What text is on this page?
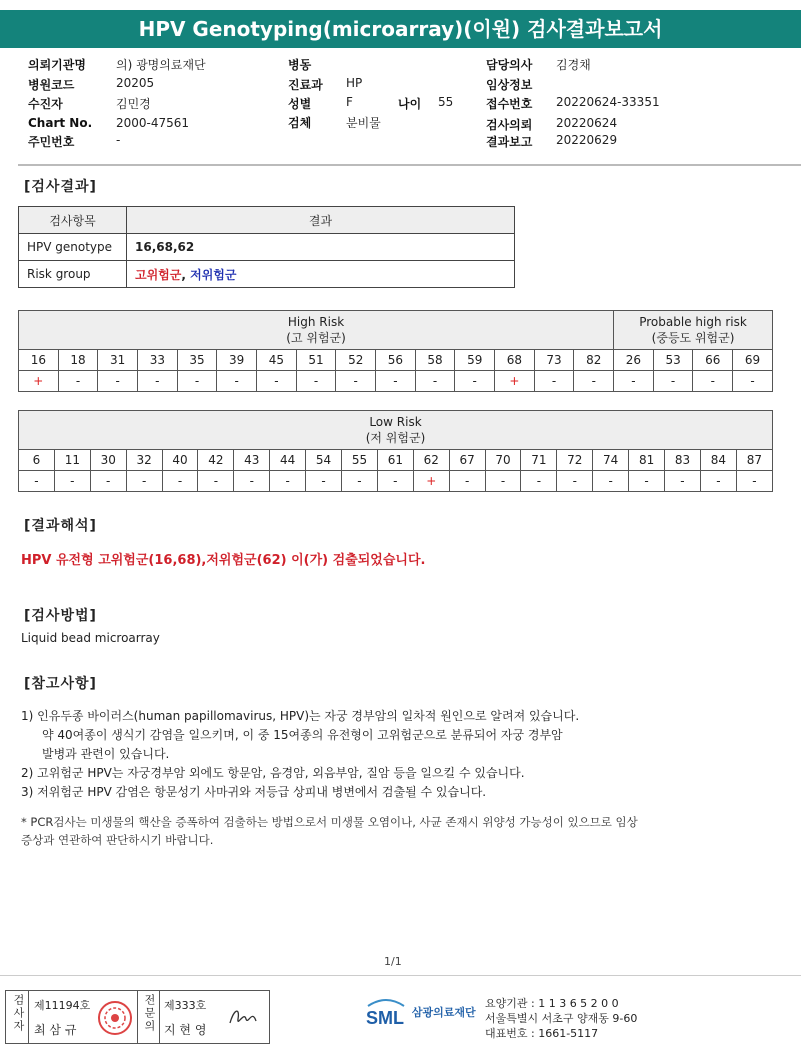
HPV Genotyping(microarray)(이원) 검사결과보고서
의뢰기관명	의) 광명의료재단
병원코드	20205
수진자	김민경
Chart No. 2000-47561
주민번호	-
병동
진료과 HP
성별	F	나이 55
검체	분비물
담당의사 김경채
임상정보
접수번호 20220624-33351
검사의뢰 20220624
결과보고 20220629
[검사결과]
검사항목	결과
HPV genotype	16,68,62
Risk group	고위험군, 저위험군
High Risk
(고 위험군)															Probable high risk
(중등도 위험군)			
16	18	31	33	35	39	45	51	52	56	58	59	68	73	82	26	53	66	69
+	-	-	-	-	-	-	-	-	-	-	-	+	-	-	-	-	-	-
Low Risk
(저 위험군)																				
6	11	30	32	40	42	43	44	54	55	61	62	67	70	71	72	74	81	83	84	87
-	-	-	-	-	-	-	-	-	-	-	+	-	-	-	-	-	-	-	-	-
[결과해석]
HPV 유전형 고위험군(16,68),저위험군(62) 이(가) 검출되었습니다.
[검사방법]
Liquid bead microarray
[참고사항]
1) 인유두종 바이러스(human papillomavirus, HPV)는 자궁 경부암의 일차적 원인으로 알려져 있습니다.
약 40여종이 생식기 감염을 일으키며, 이 중 15여종의 유전형이 고위험군으로 분류되어 자궁 경부암
발병과 관련이 있습니다.
2) 고위험군 HPV는 자궁경부암 외에도 항문암, 음경암, 외음부암, 질암 등을 일으킬 수 있습니다.
3) 저위험군 HPV 감염은 항문성기 사마귀와 저등급 상피내 병변에서 검출될 수 있습니다.
* PCR검사는 미생물의 핵산을 증폭하여 검출하는 방법으로서 미생물 오염이나, 사균 존재시 위양성 가능성이 있으므로 임상
증상과 연관하여 판단하시기 바랍니다.
1/1
검사자 제11194호
최 삼 규	전문의 제333호
지 현 영
SML 삼광의료재단
요양기관 : 1 1 3 6 5 2 0 0
서울특별시 서초구 양재동 9-60
대표번호 : 1661-5117
